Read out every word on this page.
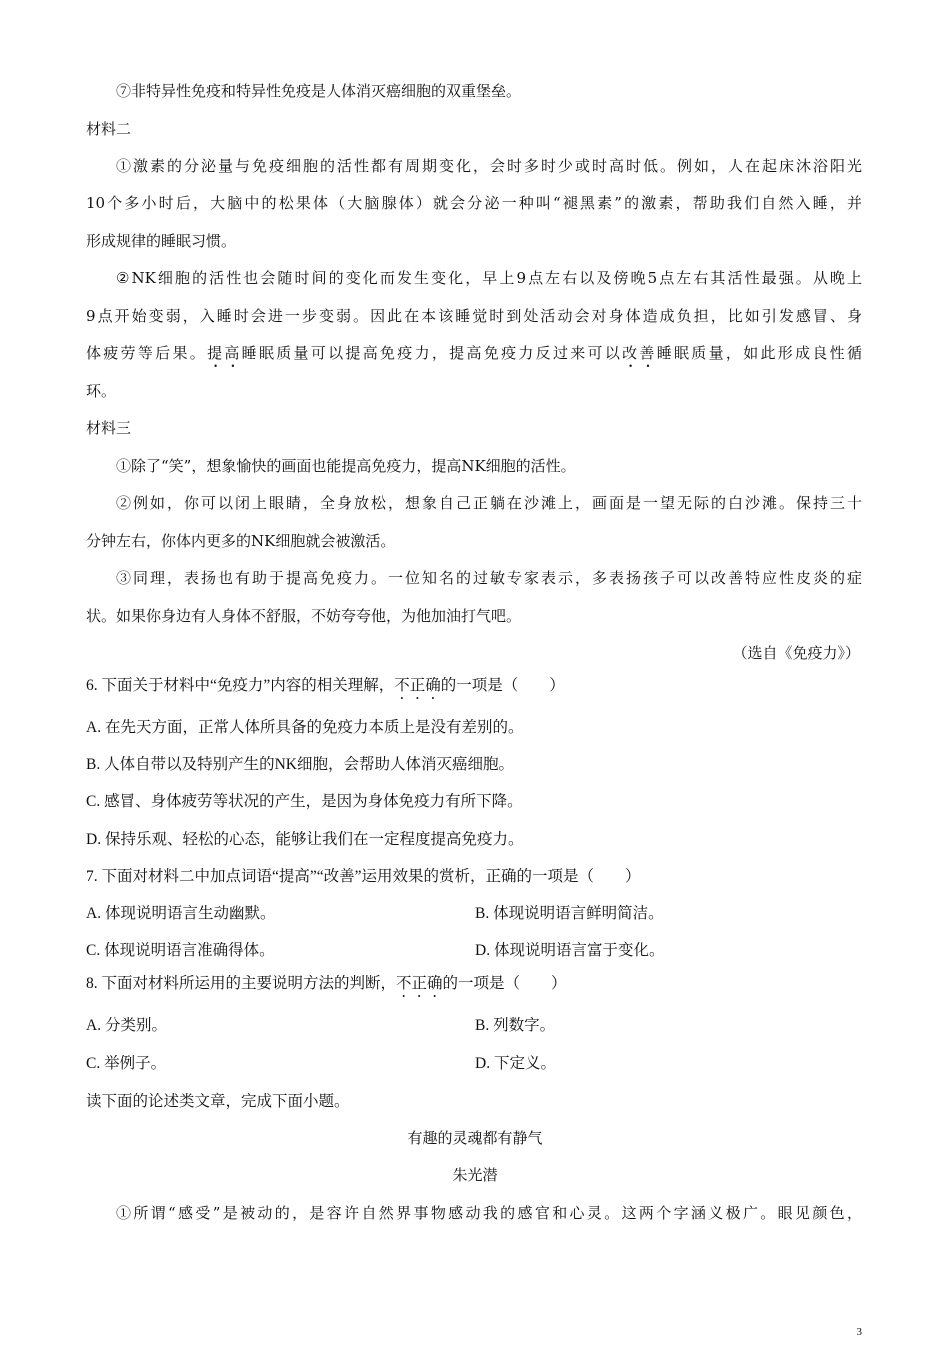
⑦非特异性免疫和特异性免疫是人体消灭癌细胞的双重堡垒。
材料二
①激素的分泌量与免疫细胞的活性都有周期变化，会时多时少或时高时低。例如，人在起床沐浴阳光
10个多小时后，大脑中的松果体（大脑腺体）就会分泌一种叫“褪黑素”的激素，帮助我们自然入睡，并
形成规律的睡眠习惯。
②NK细胞的活性也会随时间的变化而发生变化，早上9点左右以及傍晚5点左右其活性最强。从晚上
9点开始变弱，入睡时会进一步变弱。因此在本该睡觉时到处活动会对身体造成负担，比如引发感冒、身
体疲劳等后果。提高睡眠质量可以提高免疫力，提高免疫力反过来可以改善睡眠质量，如此形成良性循
环。
材料三
①除了“笑”，想象愉快的画面也能提高免疫力，提高NK细胞的活性。
②例如，你可以闭上眼睛，全身放松，想象自己正躺在沙滩上，画面是一望无际的白沙滩。保持三十
分钟左右，你体内更多的NK细胞就会被激活。
③同理，表扬也有助于提高免疫力。一位知名的过敏专家表示，多表扬孩子可以改善特应性皮炎的症
状。如果你身边有人身体不舒服，不妨夸夸他，为他加油打气吧。
（选自《免疫力》）
6. 下面关于材料中“免疫力”内容的相关理解，不正确的一项是（　　）
A. 在先天方面，正常人体所具备的免疫力本质上是没有差别的。
B. 人体自带以及特别产生的NK细胞，会帮助人体消灭癌细胞。
C. 感冒、身体疲劳等状况的产生，是因为身体免疫力有所下降。
D. 保持乐观、轻松的心态，能够让我们在一定程度提高免疫力。
7. 下面对材料二中加点词语“提高”“改善”运用效果的赏析，正确的一项是（　　）
A. 体现说明语言生动幽默。	B. 体现说明语言鲜明简洁。
C. 体现说明语言准确得体。	D. 体现说明语言富于变化。
8. 下面对材料所运用的主要说明方法的判断，不正确的一项是（　　）
A. 分类别。	B. 列数字。
C. 举例子。	D. 下定义。
读下面的论述类文章，完成下面小题。
有趣的灵魂都有静气
朱光潜
①所谓“感受”是被动的，是容许自然界事物感动我的感官和心灵。这两个字涵义极广。眼见颜色，
3
